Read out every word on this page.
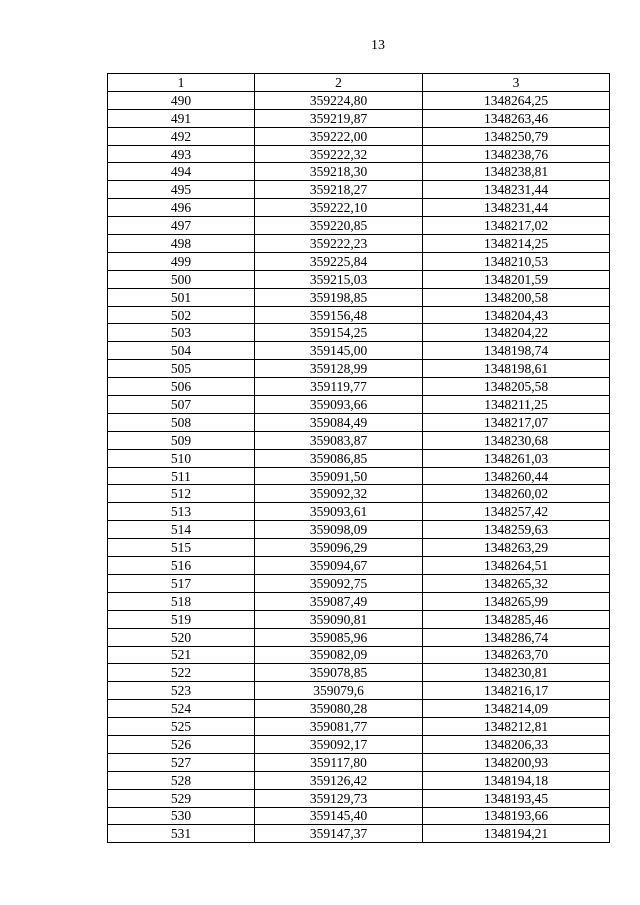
13
1	2	3
490	359224,80	1348264,25
491	359219,87	1348263,46
492	359222,00	1348250,79
493	359222,32	1348238,76
494	359218,30	1348238,81
495	359218,27	1348231,44
496	359222,10	1348231,44
497	359220,85	1348217,02
498	359222,23	1348214,25
499	359225,84	1348210,53
500	359215,03	1348201,59
501	359198,85	1348200,58
502	359156,48	1348204,43
503	359154,25	1348204,22
504	359145,00	1348198,74
505	359128,99	1348198,61
506	359119,77	1348205,58
507	359093,66	1348211,25
508	359084,49	1348217,07
509	359083,87	1348230,68
510	359086,85	1348261,03
511	359091,50	1348260,44
512	359092,32	1348260,02
513	359093,61	1348257,42
514	359098,09	1348259,63
515	359096,29	1348263,29
516	359094,67	1348264,51
517	359092,75	1348265,32
518	359087,49	1348265,99
519	359090,81	1348285,46
520	359085,96	1348286,74
521	359082,09	1348263,70
522	359078,85	1348230,81
523	359079,6	1348216,17
524	359080,28	1348214,09
525	359081,77	1348212,81
526	359092,17	1348206,33
527	359117,80	1348200,93
528	359126,42	1348194,18
529	359129,73	1348193,45
530	359145,40	1348193,66
531	359147,37	1348194,21
